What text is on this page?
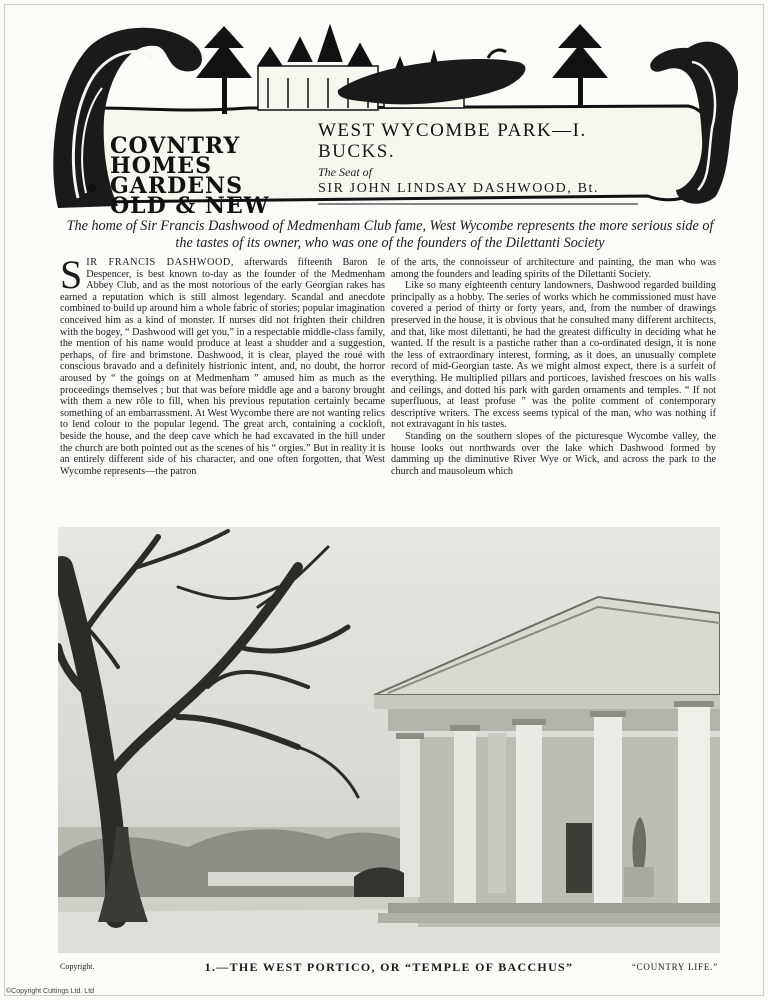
COVNTRY
HOMES
GARDENS
OLD & NEW
WEST WYCOMBE PARK—I.
BUCKS.
The Seat of
SIR JOHN LINDSAY DASHWOOD, Bt.
The home of Sir Francis Dashwood of Medmenham Club fame, West Wycombe represents the more serious side of the tastes of its owner, who was one of the founders of the Dilettanti Society

SIR FRANCIS DASHWOOD, afterwards fifteenth Baron le Despencer, is best known to-day as the founder of the Medmenham Abbey Club, and as the most notorious of the early Georgian rakes has earned a reputation which is still almost legendary. Scandal and anecdote combined to build up around him a whole fabric of stories; popular imagination conceived him as a kind of monster. If nurses did not frighten their children with the bogey, “ Dashwood will get you,” in a respectable middle-class family, the mention of his name would produce at least a shudder and a suggestion, perhaps, of fire and brimstone. Dashwood, it is clear, played the roué with conscious bravado and a definitely histrionic intent, and, no doubt, the horror aroused by “ the goings on at Medmenham ” amused him as much as the proceedings themselves ; but that was before middle age and a barony brought with them a new rôle to fill, when his previous reputation certainly became something of an embarrassment. At West Wycombe there are not wanting relics to lend colour to the popular legend. The great arch, containing a cockloft, beside the house, and the deep cave which he had excavated in the hill under the church are both pointed out as the scenes of his “ orgies.” But in reality it is an entirely different side of his character, and one often forgotten, that West Wycombe represents—the patron

of the arts, the connoisseur of architecture and painting, the man who was among the founders and leading spirits of the Dilettanti Society.

Like so many eighteenth century landowners, Dashwood regarded building principally as a hobby. The series of works which he commissioned must have covered a period of thirty or forty years, and, from the number of drawings preserved in the house, it is obvious that he consulted many different architects, and that, like most dilettanti, he had the greatest difficulty in deciding what he wanted. If the result is a pastiche rather than a co-ordinated design, it is none the less of extraordinary interest, forming, as it does, an unusually complete record of mid-Georgian taste. As we might almost expect, there is a surfeit of everything. He multiplied pillars and porticoes, lavished frescoes on his walls and ceilings, and dotted his park with garden ornaments and temples. “ If not superfluous, at least profuse ” was the polite comment of contemporary descriptive writers. The excess seems typical of the man, who was nothing if not extravagant in his tastes.

Standing on the southern slopes of the picturesque Wycombe valley, the house looks out northwards over the lake which Dashwood formed by damming up the diminutive River Wye or Wick, and across the park to the church and mausoleum which

Copyright.	1.—THE WEST PORTICO, OR “TEMPLE OF BACCHUS”	“COUNTRY LIFE.”
©Copyright Cuttings Ltd. Ltd
